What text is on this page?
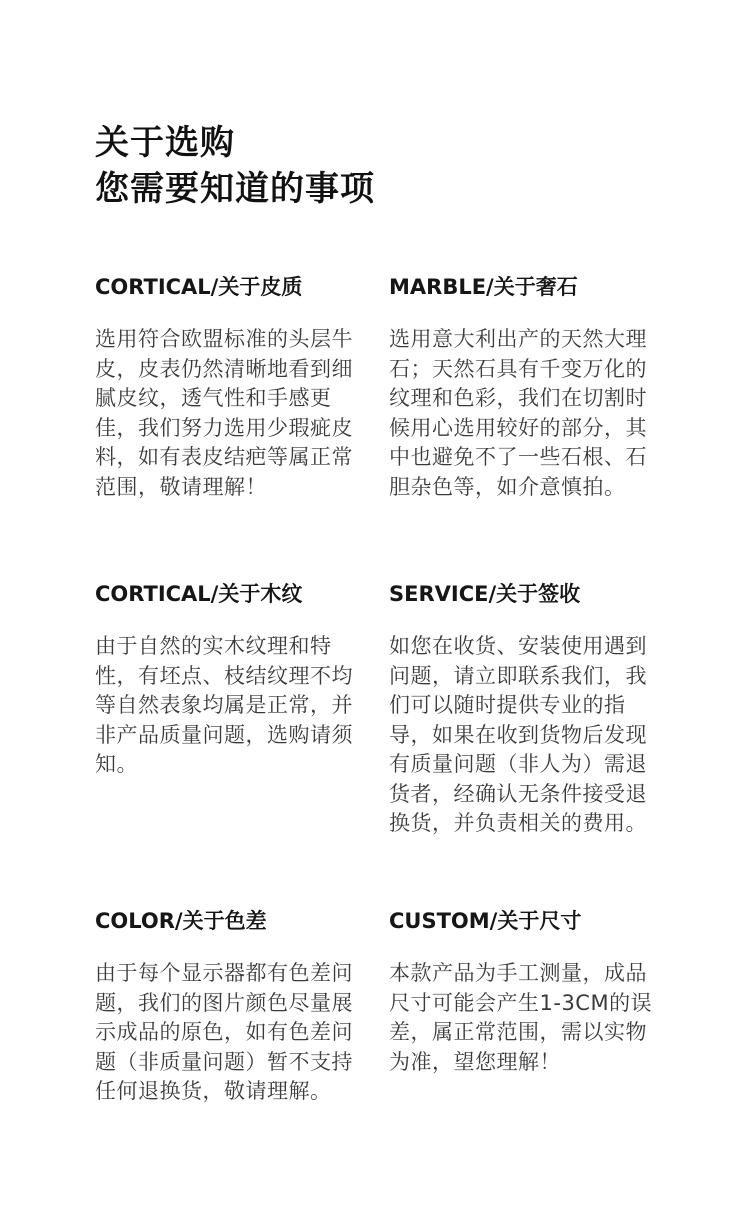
关于选购
您需要知道的事项
CORTICAL/关于皮质
选用符合欧盟标准的头层牛
皮，皮表仍然清晰地看到细
腻皮纹，透气性和手感更
佳，我们努力选用少瑕疵皮
料，如有表皮结疤等属正常
范围，敬请理解！
MARBLE/关于奢石
选用意大利出产的天然大理
石；天然石具有千变万化的
纹理和色彩，我们在切割时
候用心选用较好的部分，其
中也避免不了一些石根、石
胆杂色等，如介意慎拍。
CORTICAL/关于木纹
由于自然的实木纹理和特
性，有坯点、枝结纹理不均
等自然表象均属是正常，并
非产品质量问题，选购请须
知。
SERVICE/关于签收
如您在收货、安装使用遇到
问题，请立即联系我们，我
们可以随时提供专业的指
导，如果在收到货物后发现
有质量问题（非人为）需退
货者，经确认无条件接受退
换货，并负责相关的费用。
COLOR/关于色差
由于每个显示器都有色差问
题，我们的图片颜色尽量展
示成品的原色，如有色差问
题（非质量问题）暂不支持
任何退换货，敬请理解。
CUSTOM/关于尺寸
本款产品为手工测量，成品
尺寸可能会产生1-3CM的误
差，属正常范围，需以实物
为准，望您理解！
